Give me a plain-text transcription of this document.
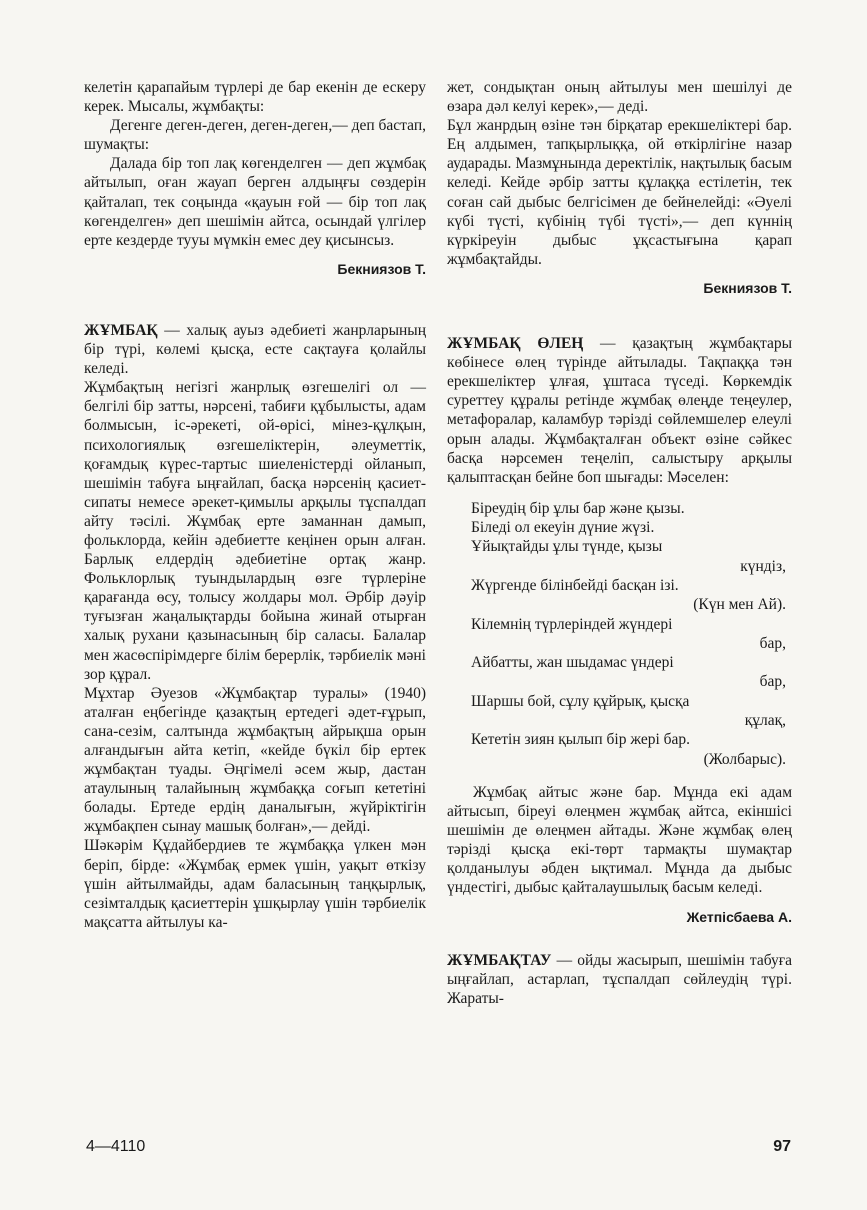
келетін қарапайым түрлері де бар екенін де ескеру керек. Мысалы, жұмбақты:

Дегенге деген-деген, деген-деген,— деп бастап, шумақты:

Далада бір топ лақ көгенделген — деп жұмбақ айтылып, оған жауап берген алдыңғы сөздерін қайталап, тек соңында «қауын ғой — бір топ лақ көгенделген» деп шешімін айтса, осындай үлгілер ерте кездерде тууы мүмкін емес деу қисынсыз.

Бекниязов Т.

ЖҰМБАҚ — халық ауыз әдебиеті жанрларының бір түрі, көлемі қысқа, есте сақтауға қолайлы келеді.

Жұмбақтың негізгі жанрлық өзгешелігі ол — белгілі бір затты, нәрсені, табиғи құбылысты, адам болмысын, іс-әрекеті, ой-өрісі, мінез-құлқын, психологиялық өзгешеліктерін, әлеуметтік, қоғамдық күрес-тартыс шиеленістерді ойланып, шешімін табуға ыңғайлап, басқа нәрсенің қасиет-сипаты немесе әрекет-қимылы арқылы тұспалдап айту тәсілі. Жұмбақ ерте заманнан дамып, фольклорда, кейін әдебиетте кеңінен орын алған. Барлық елдердің әдебиетіне ортақ жанр. Фольклорлық туындылардың өзге түрлеріне қарағанда өсу, толысу жолдары мол. Әрбір дәуір туғызған жаңалықтарды бойына жинай отырған халық рухани қазынасының бір саласы. Балалар мен жасөспірімдерге білім берерлік, тәрбиелік мәні зор құрал.

Мұхтар Әуезов «Жұмбақтар туралы» (1940) аталған еңбегінде қазақтың ертедегі әдет-ғұрып, сана-сезім, салтында жұмбақтың айрықша орын алғандығын айта кетіп, «кейде бүкіл бір ертек жұмбақтан туады. Әңгімелі әсем жыр, дастан атаулының талайының жұмбаққа соғып кететіні болады. Ертеде ердің даналығын, жүйріктігін жұмбақпен сынау машық болған»,— дейді.

Шәкәрім Құдайбердиев те жұмбаққа үлкен мән беріп, бірде: «Жұмбақ ермек үшін, уақыт өткізу үшін айтылмайды, адам баласының таңқырлық, сезімталдық қасиеттерін ұшқырлау үшін тәрбиелік мақсатта айтылуы ка-

жет, сондықтан оның айтылуы мен шешілуі де өзара дәл келуі керек»,— деді.

Бұл жанрдың өзіне тән бірқатар ерекшеліктері бар. Ең алдымен, тапқырлыққа, ой өткірлігіне назар аударады. Мазмұнында деректілік, нақтылық басым келеді. Кейде әрбір затты құлаққа естілетін, тек соған сай дыбыс белгісімен де бейнелейді: «Әуелі күбі түсті, күбінің түбі түсті»,— деп күннің күркіреуін дыбыс ұқсастығына қарап жұмбақтайды.

Бекниязов Т.

ЖҰМБАҚ ӨЛЕҢ — қазақтың жұмбақтары көбінесе өлең түрінде айтылады. Тақпаққа тән ерекшеліктер ұлғая, ұштаса түседі. Көркемдік суреттеу құралы ретінде жұмбақ өлеңде теңеулер, метафоралар, каламбур тәрізді сөйлемшелер елеулі орын алады. Жұмбақталған объект өзіне сәйкес басқа нәрсемен теңеліп, салыстыру арқылы қалыптасқан бейне боп шығады: Мәселен:

Біреудің бір ұлы бар және қызы.
Біледі ол екеуін дүние жүзі.
Ұйықтайды ұлы түнде, қызы
күндіз,
Жүргенде білінбейді басқан ізі.
(Күн мен Ай).
Кілемнің түрлеріндей жүндері
бар,
Айбатты, жан шыдамас үндері
бар,
Шаршы бой, сұлу құйрық, қысқа
құлақ,
Кететін зиян қылып бір жері бар.
(Жолбарыс).

Жұмбақ айтыс және бар. Мұнда екі адам айтысып, біреуі өлеңмен жұмбақ айтса, екіншісі шешімін де өлеңмен айтады. Және жұмбақ өлең тәрізді қысқа екі-төрт тармақты шумақтар қолданылуы әбден ықтимал. Мұнда да дыбыс үндестігі, дыбыс қайталаушылық басым келеді.

Жетпісбаева А.

ЖҰМБАҚТАУ — ойды жасырып, шешімін табуға ыңғайлап, астарлап, тұспалдап сөйлеудің түрі. Жараты-

4—4110	97
